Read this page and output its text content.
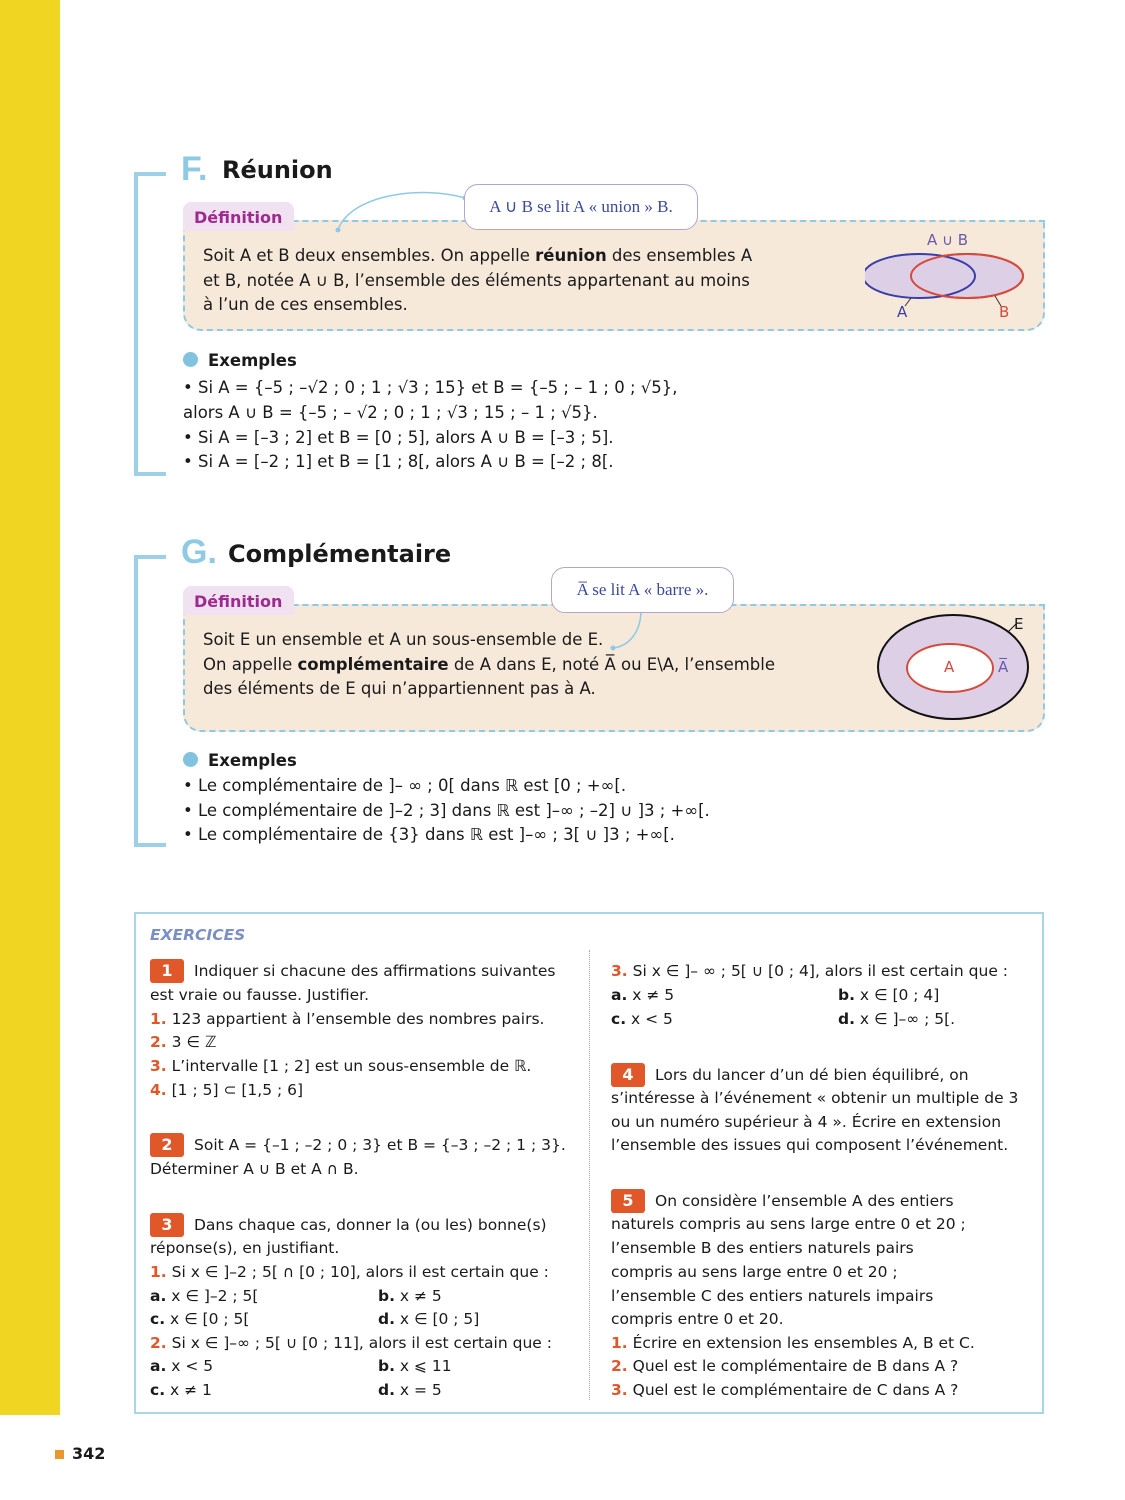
F. Réunion
Définition
A ∪ B se lit A « union » B.
Soit A et B deux ensembles. On appelle réunion des ensembles A
et B, notée A ∪ B, l’ensemble des éléments appartenant au moins
à l’un de ces ensembles.
A ∪ B
A	B
Exemples
• Si A = {–5 ; –√2 ; 0 ; 1 ; √3 ; 15} et B = {–5 ; – 1 ; 0 ; √5},
alors A ∪ B = {–5 ; – √2 ; 0 ; 1 ; √3 ; 15 ; – 1 ; √5}.
• Si A = [–3 ; 2] et B = [0 ; 5], alors A ∪ B = [–3 ; 5].
• Si A = [–2 ; 1] et B = [1 ; 8[, alors A ∪ B = [–2 ; 8[.
G. Complémentaire
Définition
A̅ se lit A « barre ».
Soit E un ensemble et A un sous-ensemble de E.
On appelle complémentaire de A dans E, noté A̅ ou E\A, l’ensemble
des éléments de E qui n’appartiennent pas à A.
E
A	A̅
Exemples
• Le complémentaire de ]– ∞ ; 0[ dans ℝ est [0 ; +∞[.
• Le complémentaire de ]–2 ; 3] dans ℝ est ]–∞ ; –2] ∪ ]3 ; +∞[.
• Le complémentaire de {3} dans ℝ est ]–∞ ; 3[ ∪ ]3 ; +∞[.
EXERCICES
1 Indiquer si chacune des affirmations suivantes
est vraie ou fausse. Justifier.
1. 123 appartient à l’ensemble des nombres pairs.
2. 3 ∈ ℤ
3. L’intervalle [1 ; 2] est un sous-ensemble de ℝ.
4. [1 ; 5] ⊂ [1,5 ; 6]
2 Soit A = {–1 ; –2 ; 0 ; 3} et B = {–3 ; –2 ; 1 ; 3}.
Déterminer A ∪ B et A ∩ B.
3 Dans chaque cas, donner la (ou les) bonne(s)
réponse(s), en justifiant.
1. Si x ∈ ]–2 ; 5[ ∩ [0 ; 10], alors il est certain que :
a. x ∈ ]–2 ; 5[	b. x ≠ 5
c. x ∈ [0 ; 5[	d. x ∈ [0 ; 5]
2. Si x ∈ ]–∞ ; 5[ ∪ [0 ; 11], alors il est certain que :
a. x < 5	b. x ⩽ 11
c. x ≠ 1	d. x = 5
3. Si x ∈ ]– ∞ ; 5[ ∪ [0 ; 4], alors il est certain que :
a. x ≠ 5	b. x ∈ [0 ; 4]
c. x < 5	d. x ∈ ]–∞ ; 5[.
4 Lors du lancer d’un dé bien équilibré, on
s’intéresse à l’événement « obtenir un multiple de 3
ou un numéro supérieur à 4 ». Écrire en extension
l’ensemble des issues qui composent l’événement.
5 On considère l’ensemble A des entiers
naturels compris au sens large entre 0 et 20 ;
l’ensemble B des entiers naturels pairs
compris au sens large entre 0 et 20 ;
l’ensemble C des entiers naturels impairs
compris entre 0 et 20.
1. Écrire en extension les ensembles A, B et C.
2. Quel est le complémentaire de B dans A ?
3. Quel est le complémentaire de C dans A ?
342
